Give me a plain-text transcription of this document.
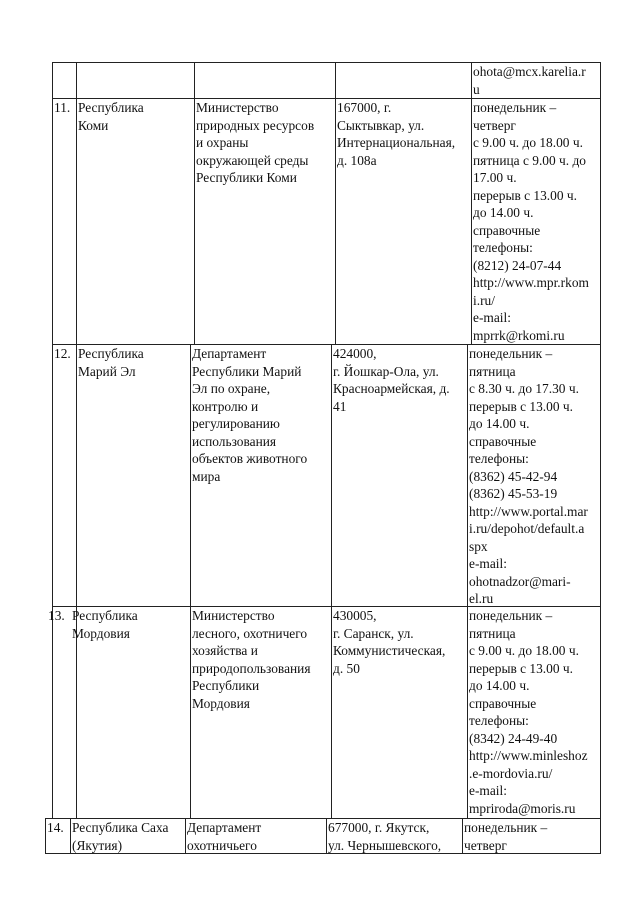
ohota@mcx.karelia.r
u
11. Республика
Коми
Министерство
природных ресурсов
и охраны
окружающей среды
Республики Коми
167000, г.
Сыктывкар, ул.
Интернациональная,
д. 108а
понедельник –
четверг
с 9.00 ч. до 18.00 ч.
пятница с 9.00 ч. до
17.00 ч.
перерыв с 13.00 ч.
до 14.00 ч.
справочные
телефоны:
(8212) 24-07-44
http://www.mpr.rkom
i.ru/
e-mail:
mprrk@rkomi.ru
12. Республика
Марий Эл
Департамент
Республики Марий
Эл по охране,
контролю и
регулированию
использования
объектов животного
мира
424000,
г. Йошкар-Ола, ул.
Красноармейская, д.
41
понедельник –
пятница
с 8.30 ч. до 17.30 ч.
перерыв с 13.00 ч.
до 14.00 ч.
справочные
телефоны:
(8362) 45-42-94
(8362) 45-53-19
http://www.portal.mar
i.ru/depohot/default.a
spx
e-mail:
ohotnadzor@mari-
el.ru
13. Республика
Мордовия
Министерство
лесного, охотничего
хозяйства и
природопользования
Республики
Мордовия
430005,
г. Саранск, ул.
Коммунистическая,
д. 50
понедельник –
пятница
с 9.00 ч. до 18.00 ч.
перерыв с 13.00 ч.
до 14.00 ч.
справочные
телефоны:
(8342) 24-49-40
http://www.minleshoz
.e-mordovia.ru/
e-mail:
mpriroda@moris.ru
14. Республика Саха
(Якутия)
Департамент
охотничьего
677000, г. Якутск,
ул. Чернышевского,
понедельник –
четверг
